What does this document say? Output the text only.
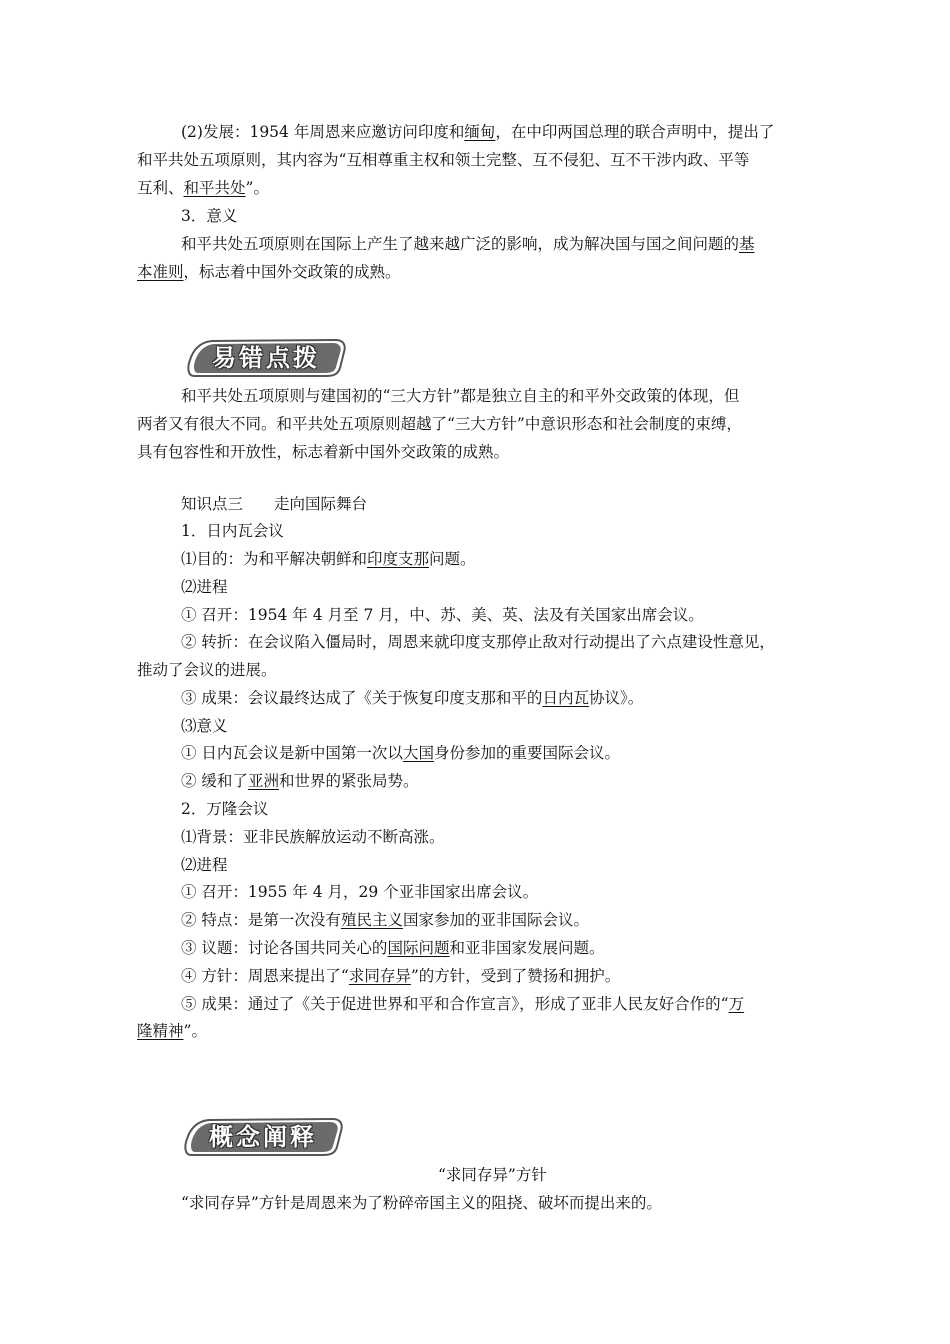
(2)发展：1954 年周恩来应邀访问印度和缅甸，在中印两国总理的联合声明中，提出了
和平共处五项原则，其内容为“互相尊重主权和领土完整、互不侵犯、互不干涉内政、平等
互利、和平共处”。
3．意义
和平共处五项原则在国际上产生了越来越广泛的影响，成为解决国与国之间问题的基
本准则，标志着中国外交政策的成熟。
易错点拨
和平共处五项原则与建国初的“三大方针”都是独立自主的和平外交政策的体现，但
两者又有很大不同。和平共处五项原则超越了“三大方针”中意识形态和社会制度的束缚，
具有包容性和开放性，标志着新中国外交政策的成熟。
知识点三　　走向国际舞台
1．日内瓦会议
⑴目的：为和平解决朝鲜和印度支那问题。
⑵进程
① 召开：1954 年 4 月至 7 月，中、苏、美、英、法及有关国家出席会议。
② 转折：在会议陷入僵局时，周恩来就印度支那停止敌对行动提出了六点建设性意见，
推动了会议的进展。
③ 成果：会议最终达成了《关于恢复印度支那和平的日内瓦协议》。
⑶意义
① 日内瓦会议是新中国第一次以大国身份参加的重要国际会议。
② 缓和了亚洲和世界的紧张局势。
2．万隆会议
⑴背景：亚非民族解放运动不断高涨。
⑵进程
① 召开：1955 年 4 月，29 个亚非国家出席会议。
② 特点：是第一次没有殖民主义国家参加的亚非国际会议。
③ 议题：讨论各国共同关心的国际问题和亚非国家发展问题。
④ 方针：周恩来提出了“求同存异”的方针，受到了赞扬和拥护。
⑤ 成果：通过了《关于促进世界和平和合作宣言》，形成了亚非人民友好合作的“万
隆精神”。
概念阐释
“求同存异”方针
“求同存异”方针是周恩来为了粉碎帝国主义的阻挠、破坏而提出来的。
